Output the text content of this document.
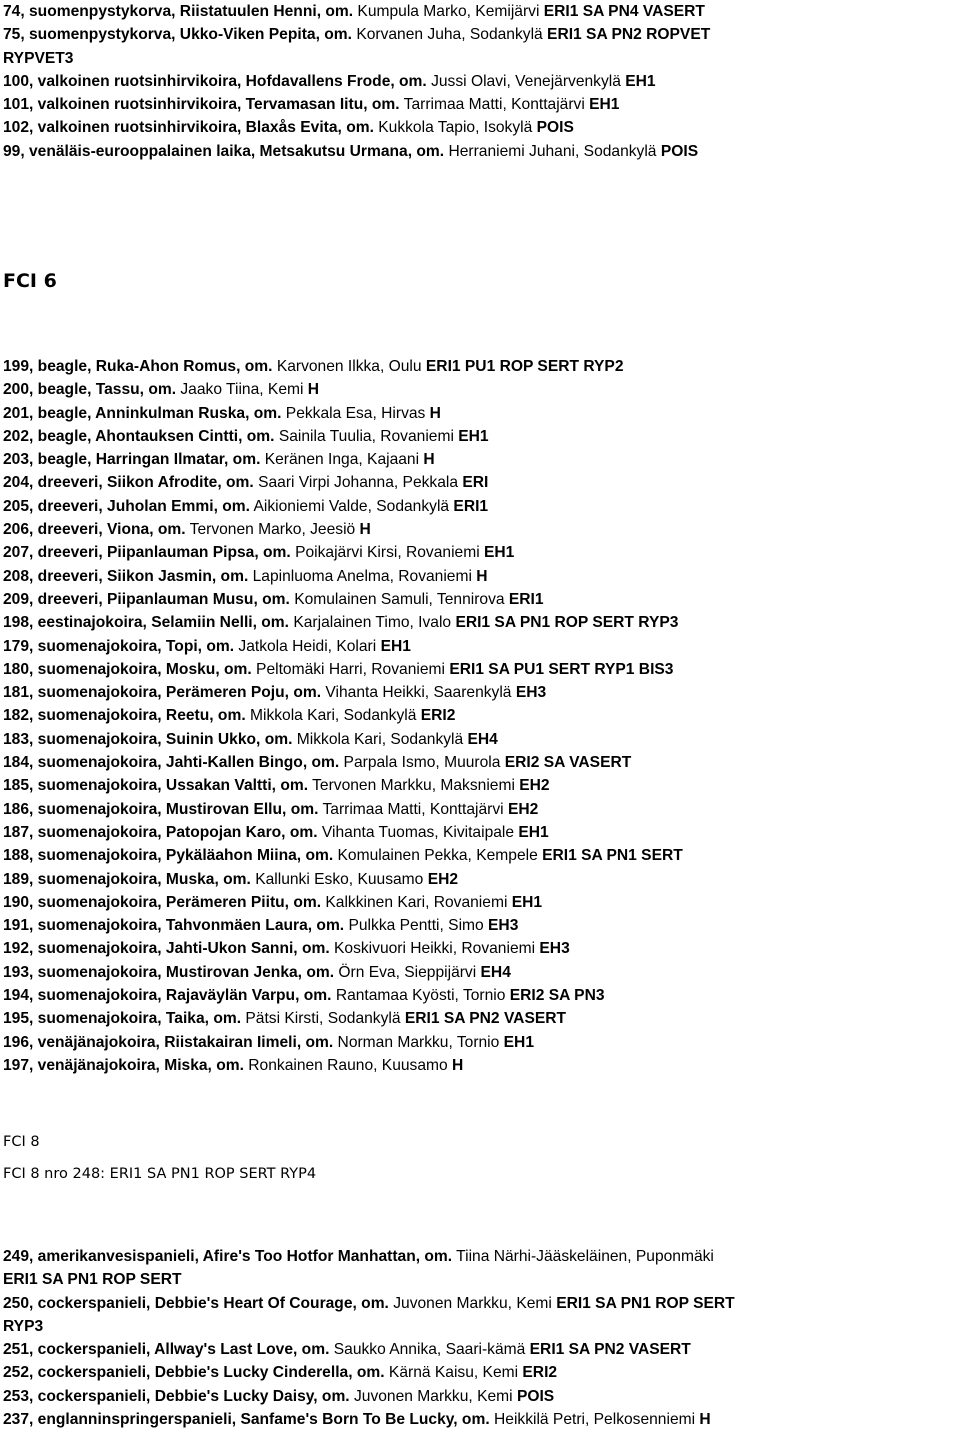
74, suomenpystykorva, Riistatuulen Henni, om. Kumpula Marko, Kemijärvi ERI1 SA PN4 VASERT
75, suomenpystykorva, Ukko-Viken Pepita, om. Korvanen Juha, Sodankylä ERI1 SA PN2 ROPVET
RYPVET3
100, valkoinen ruotsinhirvikoira, Hofdavallens Frode, om. Jussi Olavi, Venejärvenkylä EH1
101, valkoinen ruotsinhirvikoira, Tervamasan Iitu, om. Tarrimaa Matti, Konttajärvi EH1
102, valkoinen ruotsinhirvikoira, Blaxås Evita, om. Kukkola Tapio, Isokylä POIS
99, venäläis-eurooppalainen laika, Metsakutsu Urmana, om. Herraniemi Juhani, Sodankylä POIS
FCI 6
199, beagle, Ruka-Ahon Romus, om. Karvonen Ilkka, Oulu ERI1 PU1 ROP SERT RYP2
200, beagle, Tassu, om. Jaako Tiina, Kemi H
201, beagle, Anninkulman Ruska, om. Pekkala Esa, Hirvas H
202, beagle, Ahontauksen Cintti, om. Sainila Tuulia, Rovaniemi EH1
203, beagle, Harringan Ilmatar, om. Keränen Inga, Kajaani H
204, dreeveri, Siikon Afrodite, om. Saari Virpi Johanna, Pekkala ERI
205, dreeveri, Juholan Emmi, om. Aikioniemi Valde, Sodankylä ERI1
206, dreeveri, Viona, om. Tervonen Marko, Jeesiö H
207, dreeveri, Piipanlauman Pipsa, om. Poikajärvi Kirsi, Rovaniemi EH1
208, dreeveri, Siikon Jasmin, om. Lapinluoma Anelma, Rovaniemi H
209, dreeveri, Piipanlauman Musu, om. Komulainen Samuli, Tennirova ERI1
198, eestinajokoira, Selamiin Nelli, om. Karjalainen Timo, Ivalo ERI1 SA PN1 ROP SERT RYP3
179, suomenajokoira, Topi, om. Jatkola Heidi, Kolari EH1
180, suomenajokoira, Mosku, om. Peltomäki Harri, Rovaniemi ERI1 SA PU1 SERT RYP1 BIS3
181, suomenajokoira, Perämeren Poju, om. Vihanta Heikki, Saarenkylä EH3
182, suomenajokoira, Reetu, om. Mikkola Kari, Sodankylä ERI2
183, suomenajokoira, Suinin Ukko, om. Mikkola Kari, Sodankylä EH4
184, suomenajokoira, Jahti-Kallen Bingo, om. Parpala Ismo, Muurola ERI2 SA VASERT
185, suomenajokoira, Ussakan Valtti, om. Tervonen Markku, Maksniemi EH2
186, suomenajokoira, Mustirovan Ellu, om. Tarrimaa Matti, Konttajärvi EH2
187, suomenajokoira, Patopojan Karo, om. Vihanta Tuomas, Kivitaipale EH1
188, suomenajokoira, Pykäläahon Miina, om. Komulainen Pekka, Kempele ERI1 SA PN1 SERT
189, suomenajokoira, Muska, om. Kallunki Esko, Kuusamo EH2
190, suomenajokoira, Perämeren Piitu, om. Kalkkinen Kari, Rovaniemi EH1
191, suomenajokoira, Tahvonmäen Laura, om. Pulkka Pentti, Simo EH3
192, suomenajokoira, Jahti-Ukon Sanni, om. Koskivuori Heikki, Rovaniemi EH3
193, suomenajokoira, Mustirovan Jenka, om. Örn Eva, Sieppijärvi EH4
194, suomenajokoira, Rajaväylän Varpu, om. Rantamaa Kyösti, Tornio ERI2 SA PN3
195, suomenajokoira, Taika, om. Pätsi Kirsti, Sodankylä ERI1 SA PN2 VASERT
196, venäjänajokoira, Riistakairan Iimeli, om. Norman Markku, Tornio EH1
197, venäjänajokoira, Miska, om. Ronkainen Rauno, Kuusamo H
FCI 8
FCI 8 nro 248: ERI1 SA PN1 ROP SERT RYP4
249, amerikanvesispanieli, Afire's Too Hotfor Manhattan, om. Tiina Närhi-Jääskeläinen, Puponmäki
ERI1 SA PN1 ROP SERT
250, cockerspanieli, Debbie's Heart Of Courage, om. Juvonen Markku, Kemi ERI1 SA PN1 ROP SERT
RYP3
251, cockerspanieli, Allway's Last Love, om. Saukko Annika, Saari-kämä ERI1 SA PN2 VASERT
252, cockerspanieli, Debbie's Lucky Cinderella, om. Kärnä Kaisu, Kemi ERI2
253, cockerspanieli, Debbie's Lucky Daisy, om. Juvonen Markku, Kemi POIS
237, englanninspringerspanieli, Sanfame's Born To Be Lucky, om. Heikkilä Petri, Pelkosenniemi H
